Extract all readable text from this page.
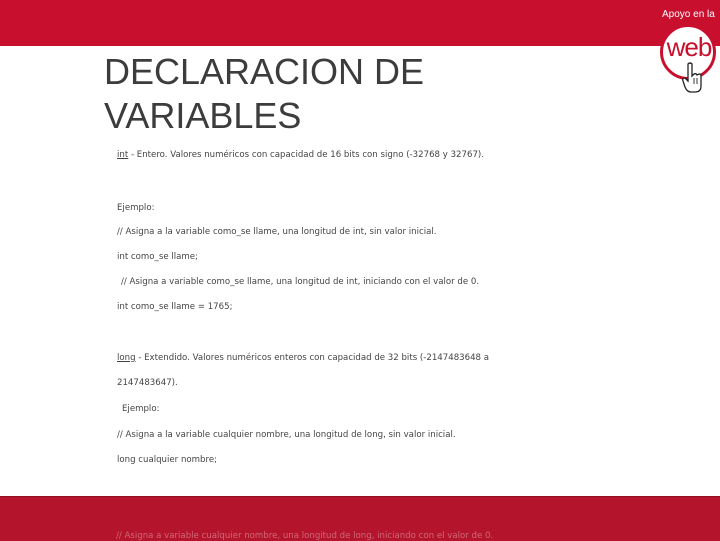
Apoyo en la
web
DECLARACION DE
VARIABLES
int - Entero. Valores numéricos con capacidad de 16 bits con signo (-32768 y 32767).
Ejemplo:
// Asigna a la variable como_se llame, una longitud de int, sin valor inicial.
int como_se llame;
// Asigna a variable como_se llame, una longitud de int, iniciando con el valor de 0.
int como_se llame = 1765;
long - Extendido. Valores numéricos enteros con capacidad de 32 bits (-2147483648 a
2147483647).
Ejemplo:
// Asigna a la variable cualquier nombre, una longitud de long, sin valor inicial.
long cualquier nombre;
// Asigna a variable cualquier nombre, una longitud de long, iniciando con el valor de 0.
